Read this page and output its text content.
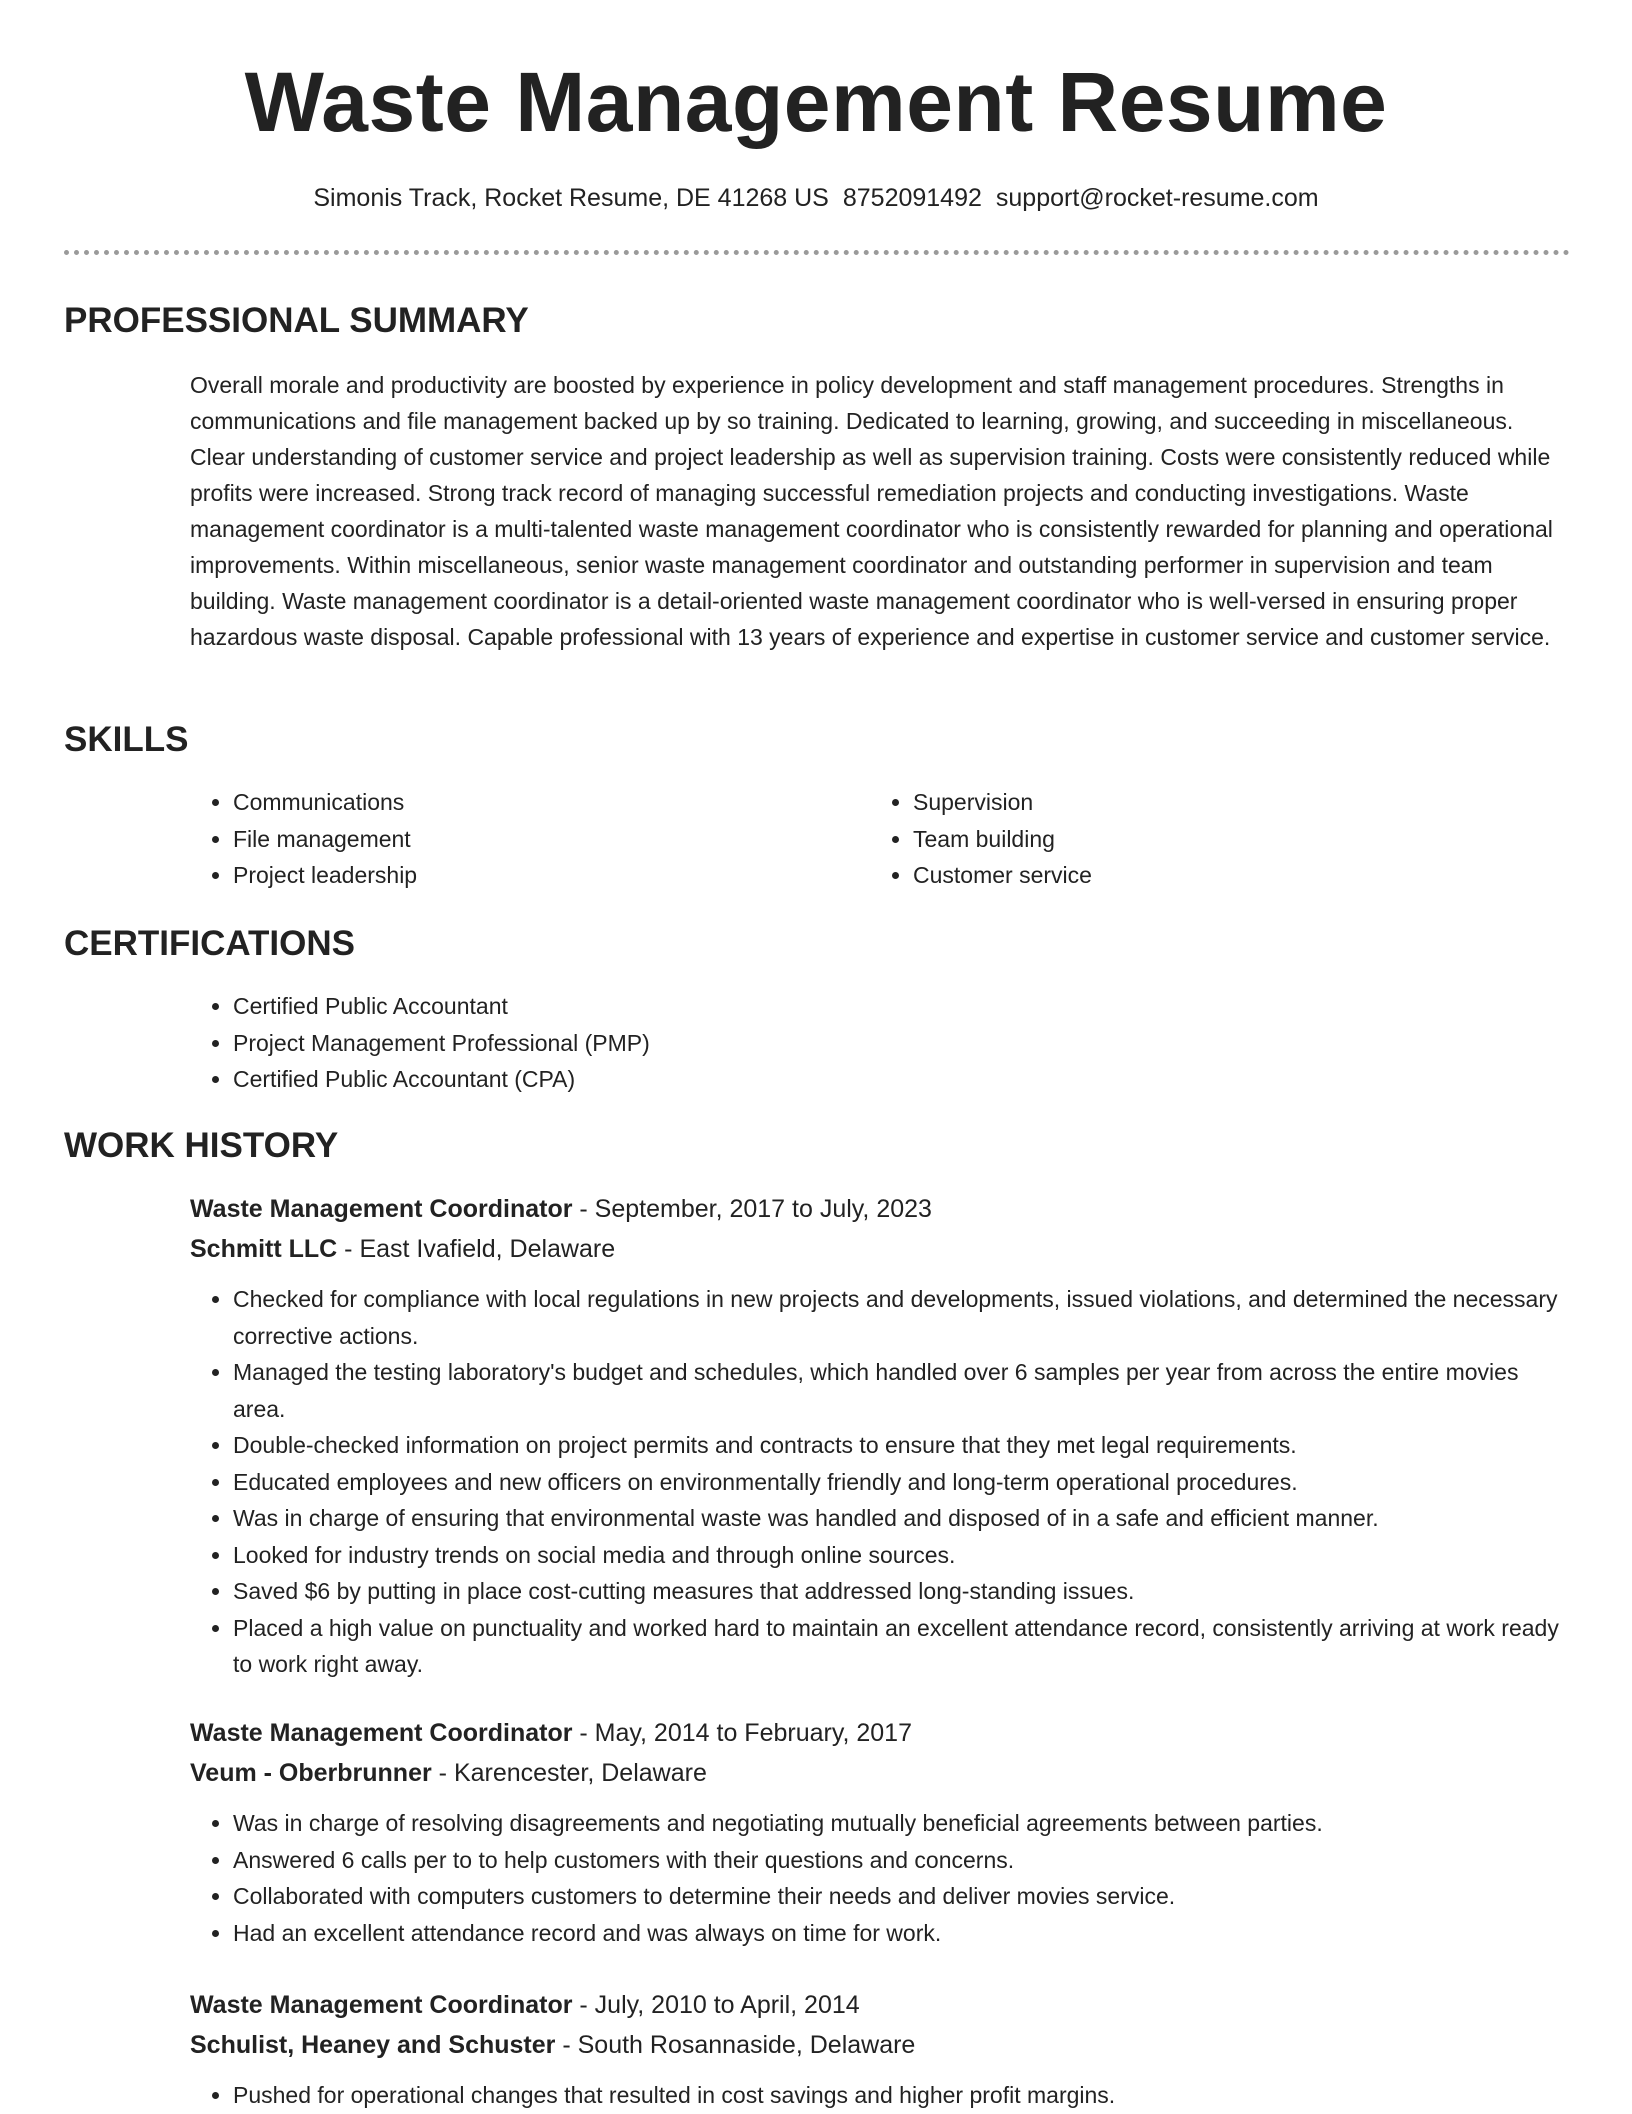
Waste Management Resume
Simonis Track, Rocket Resume, DE 41268 US 8752091492 support@rocket-resume.com
PROFESSIONAL SUMMARY

Overall morale and productivity are boosted by experience in policy development and staff management procedures. Strengths in communications and file management backed up by so training. Dedicated to learning, growing, and succeeding in miscellaneous. Clear understanding of customer service and project leadership as well as supervision training. Costs were consistently reduced while profits were increased. Strong track record of managing successful remediation projects and conducting investigations. Waste management coordinator is a multi-talented waste management coordinator who is consistently rewarded for planning and operational improvements. Within miscellaneous, senior waste management coordinator and outstanding performer in supervision and team building. Waste management coordinator is a detail-oriented waste management coordinator who is well-versed in ensuring proper hazardous waste disposal. Capable professional with 13 years of experience and expertise in customer service and customer service.

SKILLS
• Communications
• File management
• Project leadership
• Supervision
• Team building
• Customer service
CERTIFICATIONS
• Certified Public Accountant
• Project Management Professional (PMP)
• Certified Public Accountant (CPA)
WORK HISTORY
Waste Management Coordinator - September, 2017 to July, 2023
Schmitt LLC - East Ivafield, Delaware
• Checked for compliance with local regulations in new projects and developments, issued violations, and determined the necessary corrective actions.
• Managed the testing laboratory's budget and schedules, which handled over 6 samples per year from across the entire movies area.
• Double-checked information on project permits and contracts to ensure that they met legal requirements.
• Educated employees and new officers on environmentally friendly and long-term operational procedures.
• Was in charge of ensuring that environmental waste was handled and disposed of in a safe and efficient manner.
• Looked for industry trends on social media and through online sources.
• Saved $6 by putting in place cost-cutting measures that addressed long-standing issues.
• Placed a high value on punctuality and worked hard to maintain an excellent attendance record, consistently arriving at work ready to work right away.
Waste Management Coordinator - May, 2014 to February, 2017
Veum - Oberbrunner - Karencester, Delaware
• Was in charge of resolving disagreements and negotiating mutually beneficial agreements between parties.
• Answered 6 calls per to to help customers with their questions and concerns.
• Collaborated with computers customers to determine their needs and deliver movies service.
• Had an excellent attendance record and was always on time for work.
Waste Management Coordinator - July, 2010 to April, 2014
Schulist, Heaney and Schuster - South Rosannaside, Delaware
• Pushed for operational changes that resulted in cost savings and higher profit margins.
